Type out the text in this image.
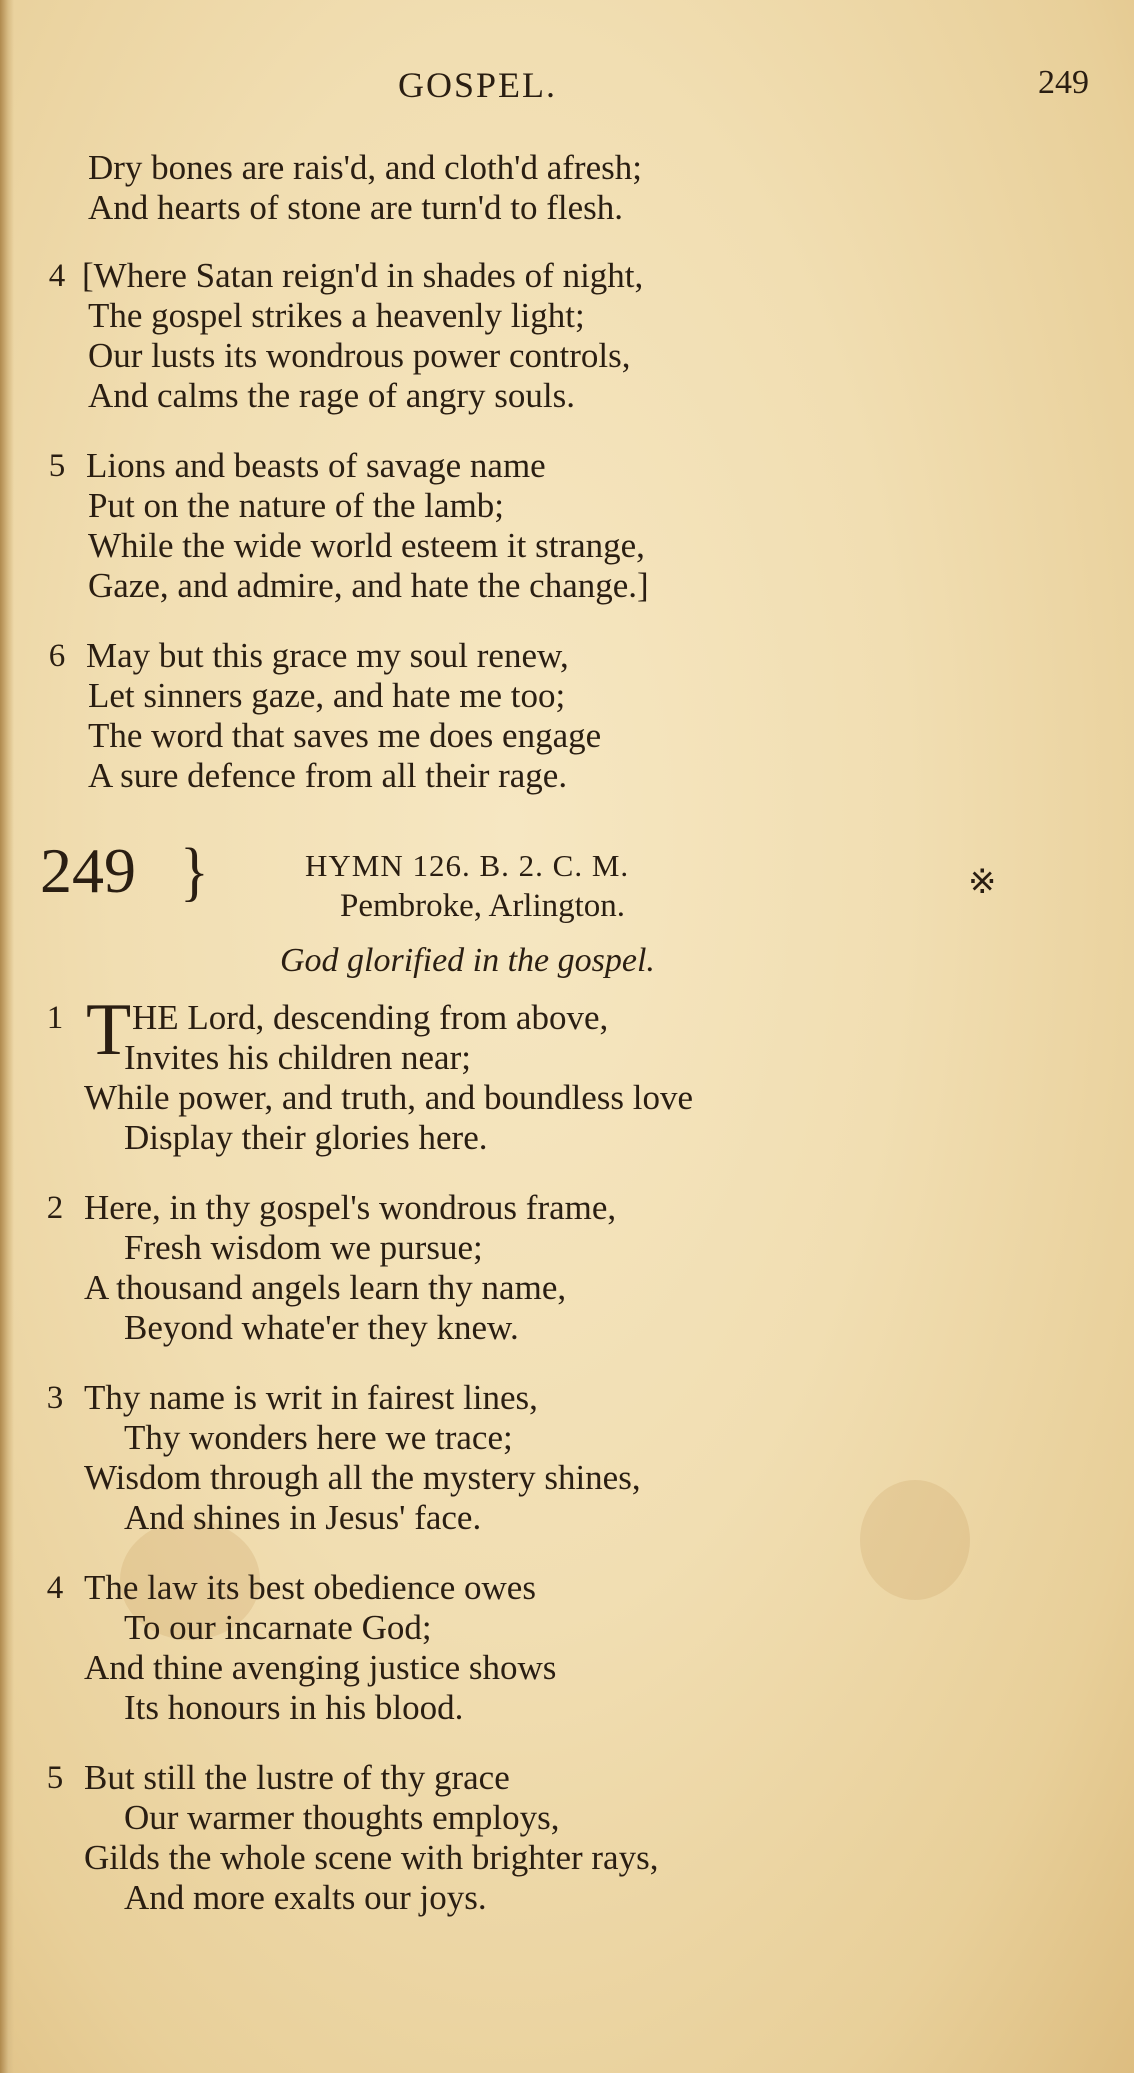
GOSPEL.	249
Dry bones are rais'd, and cloth'd afresh;
And hearts of stone are turn'd to flesh.
4 [Where Satan reign'd in shades of night,
The gospel strikes a heavenly light;
Our lusts its wondrous power controls,
And calms the rage of angry souls.
5 Lions and beasts of savage name
Put on the nature of the lamb;
While the wide world esteem it strange,
Gaze, and admire, and hate the change.]
6 May but this grace my soul renew,
Let sinners gaze, and hate me too;
The word that saves me does engage
A sure defence from all their rage.
249 }	HYMN 126. B. 2. C. M.
Pembroke, Arlington.
※
God glorified in the gospel.
1 T HE Lord, descending from above,
Invites his children near;
While power, and truth, and boundless love
Display their glories here.
2 Here, in thy gospel's wondrous frame,
Fresh wisdom we pursue;
A thousand angels learn thy name,
Beyond whate'er they knew.
3 Thy name is writ in fairest lines,
Thy wonders here we trace;
Wisdom through all the mystery shines,
And shines in Jesus' face.
4 The law its best obedience owes
To our incarnate God;
And thine avenging justice shows
Its honours in his blood.
5 But still the lustre of thy grace
Our warmer thoughts employs,
Gilds the whole scene with brighter rays,
And more exalts our joys.
